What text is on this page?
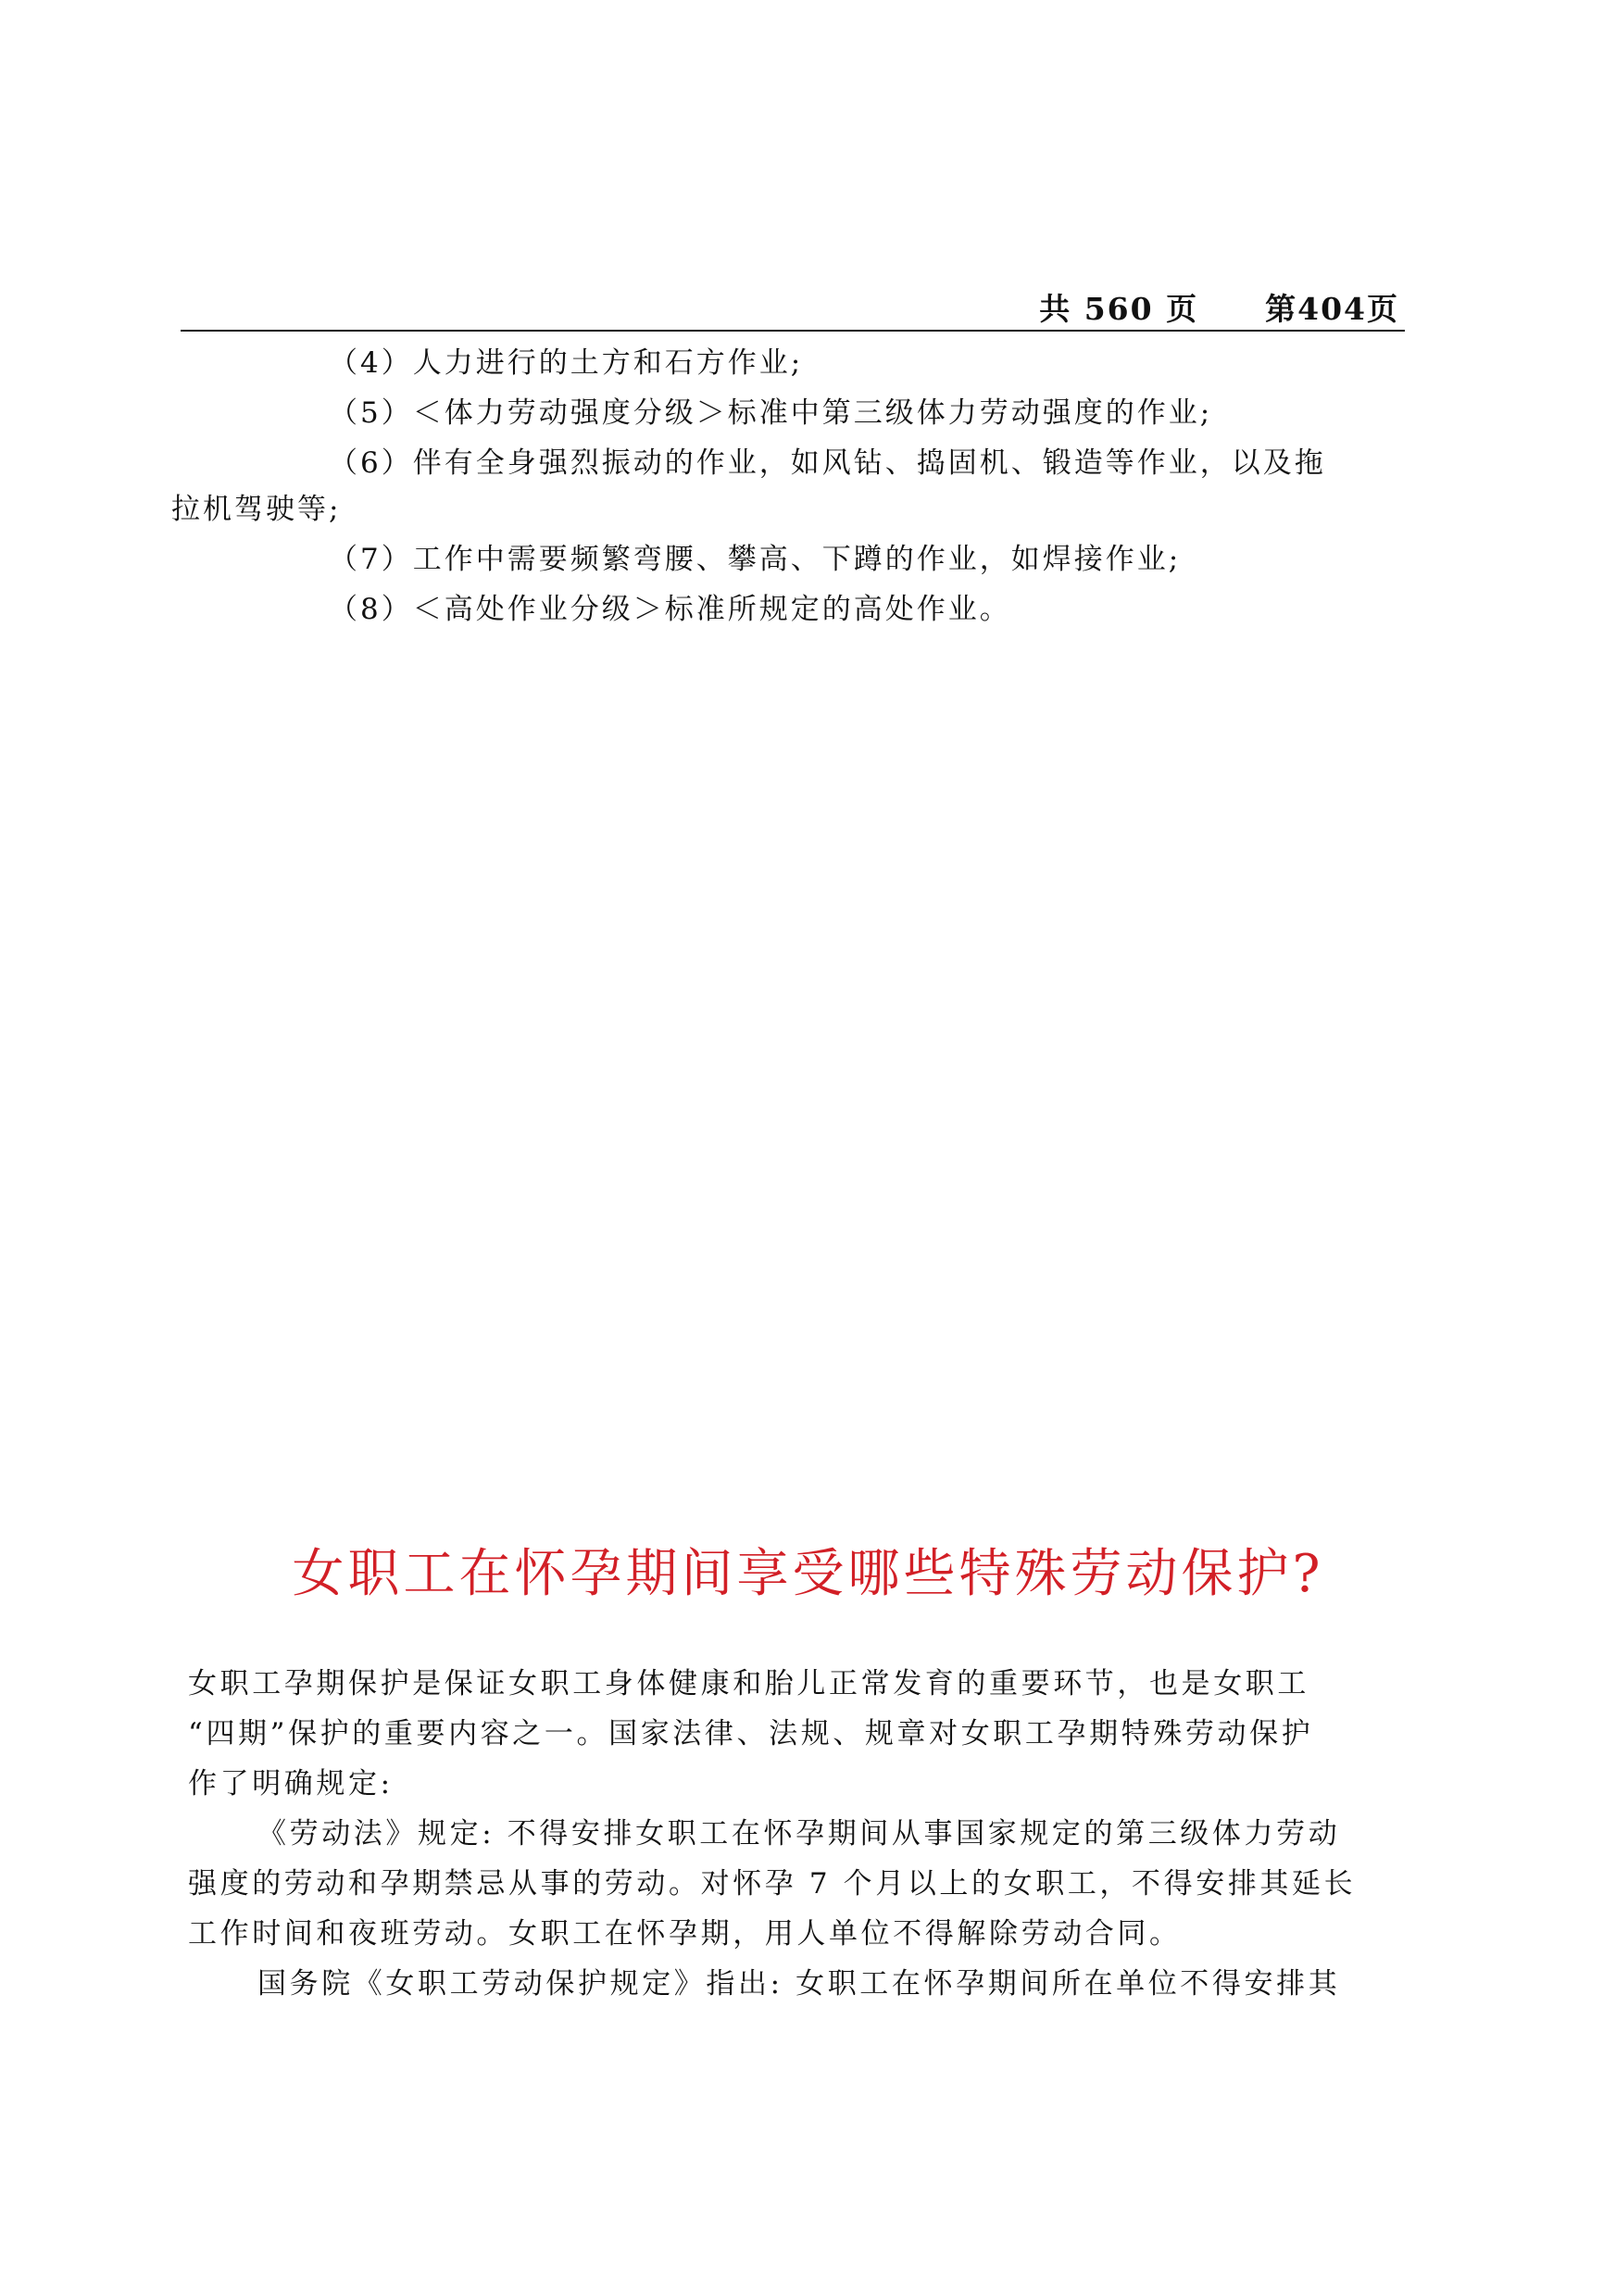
共 560 页 第404页
（4）人力进行的土方和石方作业;
（5）＜体力劳动强度分级＞标准中第三级体力劳动强度的作业;
（6）伴有全身强烈振动的作业，如风钻、捣固机、锻造等作业，以及拖
拉机驾驶等;
（7）工作中需要频繁弯腰、攀高、下蹲的作业，如焊接作业;
（8）＜高处作业分级＞标准所规定的高处作业。
女职工在怀孕期间享受哪些特殊劳动保护?
女职工孕期保护是保证女职工身体健康和胎儿正常发育的重要环节，也是女职工
“四期”保护的重要内容之一。国家法律、法规、规章对女职工孕期特殊劳动保护
作了明确规定:
《劳动法》规定: 不得安排女职工在怀孕期间从事国家规定的第三级体力劳动
强度的劳动和孕期禁忌从事的劳动。对怀孕 7 个月以上的女职工，不得安排其延长
工作时间和夜班劳动。女职工在怀孕期，用人单位不得解除劳动合同。
国务院《女职工劳动保护规定》指出: 女职工在怀孕期间所在单位不得安排其
